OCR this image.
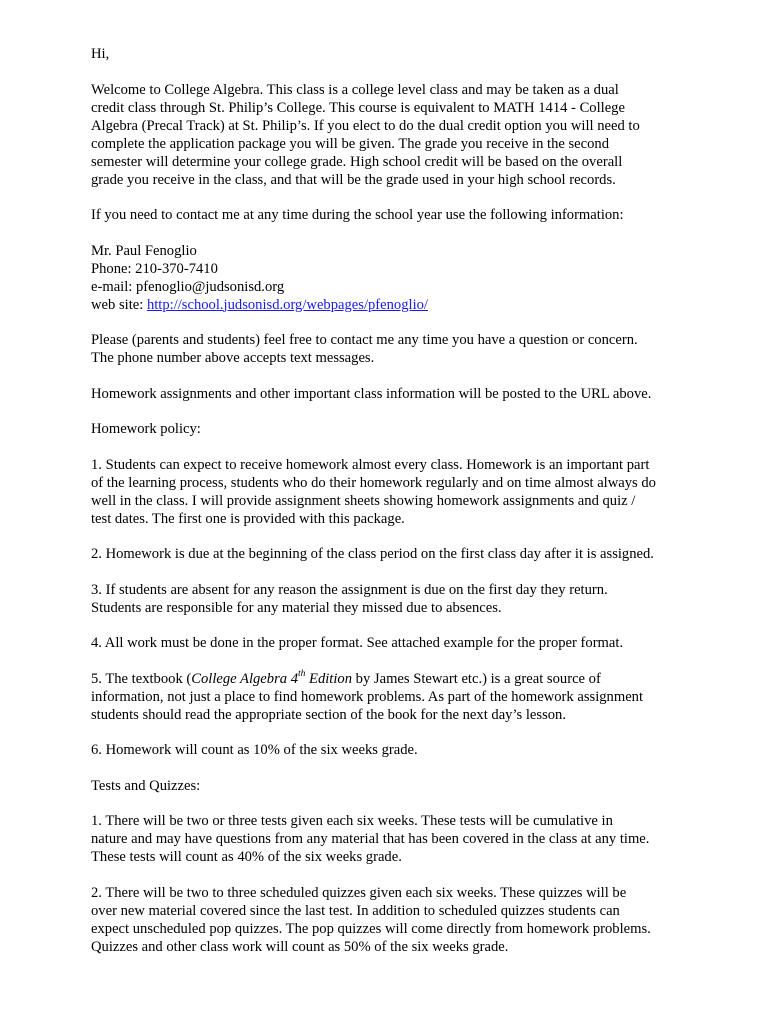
Hi,

Welcome to College Algebra. This class is a college level class and may be taken as a dual
credit class through St. Philip’s College. This course is equivalent to MATH 1414 - College
Algebra (Precal Track) at St. Philip’s. If you elect to do the dual credit option you will need to
complete the application package you will be given. The grade you receive in the second
semester will determine your college grade. High school credit will be based on the overall
grade you receive in the class, and that will be the grade used in your high school records.

If you need to contact me at any time during the school year use the following information:

Mr. Paul Fenoglio
Phone: 210-370-7410
e-mail: pfenoglio@judsonisd.org
web site: http://school.judsonisd.org/webpages/pfenoglio/

Please (parents and students) feel free to contact me any time you have a question or concern.
The phone number above accepts text messages.

Homework assignments and other important class information will be posted to the URL above.

Homework policy:

1. Students can expect to receive homework almost every class. Homework is an important part
of the learning process, students who do their homework regularly and on time almost always do
well in the class. I will provide assignment sheets showing homework assignments and quiz /
test dates. The first one is provided with this package.

2. Homework is due at the beginning of the class period on the first class day after it is assigned.

3. If students are absent for any reason the assignment is due on the first day they return.
Students are responsible for any material they missed due to absences.

4. All work must be done in the proper format. See attached example for the proper format.

5. The textbook (College Algebra 4th Edition by James Stewart etc.) is a great source of
information, not just a place to find homework problems. As part of the homework assignment
students should read the appropriate section of the book for the next day’s lesson.

6. Homework will count as 10% of the six weeks grade.

Tests and Quizzes:

1. There will be two or three tests given each six weeks. These tests will be cumulative in
nature and may have questions from any material that has been covered in the class at any time.
These tests will count as 40% of the six weeks grade.

2. There will be two to three scheduled quizzes given each six weeks. These quizzes will be
over new material covered since the last test. In addition to scheduled quizzes students can
expect unscheduled pop quizzes. The pop quizzes will come directly from homework problems.
Quizzes and other class work will count as 50% of the six weeks grade.
